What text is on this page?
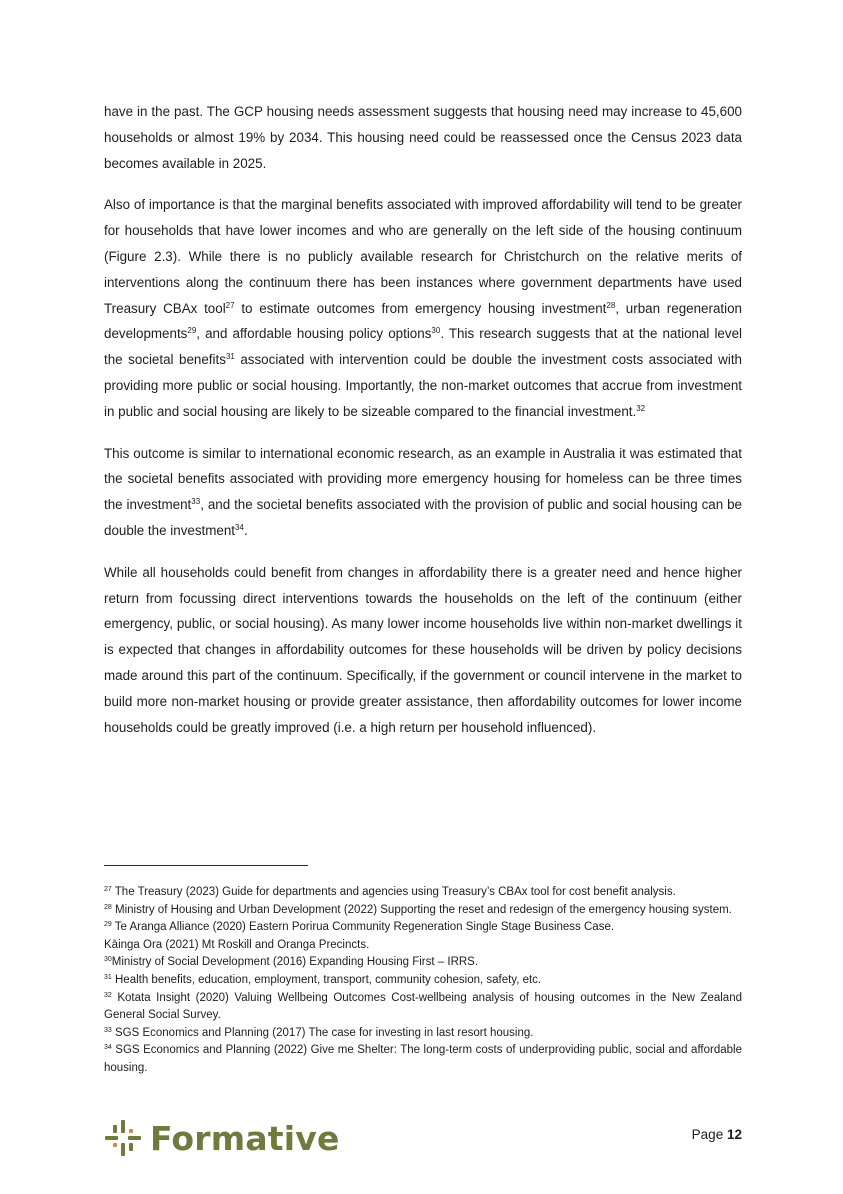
have in the past. The GCP housing needs assessment suggests that housing need may increase to 45,600 households or almost 19% by 2034. This housing need could be reassessed once the Census 2023 data becomes available in 2025.

Also of importance is that the marginal benefits associated with improved affordability will tend to be greater for households that have lower incomes and who are generally on the left side of the housing continuum (Figure 2.3). While there is no publicly available research for Christchurch on the relative merits of interventions along the continuum there has been instances where government departments have used Treasury CBAx tool$^{27}$ to estimate outcomes from emergency housing investment$^{28}$, urban regeneration developments$^{29}$, and affordable housing policy options$^{30}$. This research suggests that at the national level the societal benefits$^{31}$ associated with intervention could be double the investment costs associated with providing more public or social housing. Importantly, the non-market outcomes that accrue from investment in public and social housing are likely to be sizeable compared to the financial investment.$^{32}$

This outcome is similar to international economic research, as an example in Australia it was estimated that the societal benefits associated with providing more emergency housing for homeless can be three times the investment$^{33}$, and the societal benefits associated with the provision of public and social housing can be double the investment$^{34}$.

While all households could benefit from changes in affordability there is a greater need and hence higher return from focussing direct interventions towards the households on the left of the continuum (either emergency, public, or social housing). As many lower income households live within non-market dwellings it is expected that changes in affordability outcomes for these households will be driven by policy decisions made around this part of the continuum. Specifically, if the government or council intervene in the market to build more non-market housing or provide greater assistance, then affordability outcomes for lower income households could be greatly improved (i.e. a high return per household influenced).

$^{27}$ The Treasury (2023) Guide for departments and agencies using Treasury’s CBAx tool for cost benefit analysis.
$^{28}$ Ministry of Housing and Urban Development (2022) Supporting the reset and redesign of the emergency housing system.
$^{29}$ Te Aranga Alliance (2020) Eastern Porirua Community Regeneration Single Stage Business Case.
Kāinga Ora (2021) Mt Roskill and Oranga Precincts.
$^{30}$Ministry of Social Development (2016) Expanding Housing First – IRRS.
$^{31}$ Health benefits, education, employment, transport, community cohesion, safety, etc.
$^{32}$ Kotata Insight (2020) Valuing Wellbeing Outcomes Cost-wellbeing analysis of housing outcomes in the New Zealand General Social Survey.
$^{33}$ SGS Economics and Planning (2017) The case for investing in last resort housing.
$^{34}$ SGS Economics and Planning (2022) Give me Shelter: The long-term costs of underproviding public, social and affordable housing.
Formative	Page 12
